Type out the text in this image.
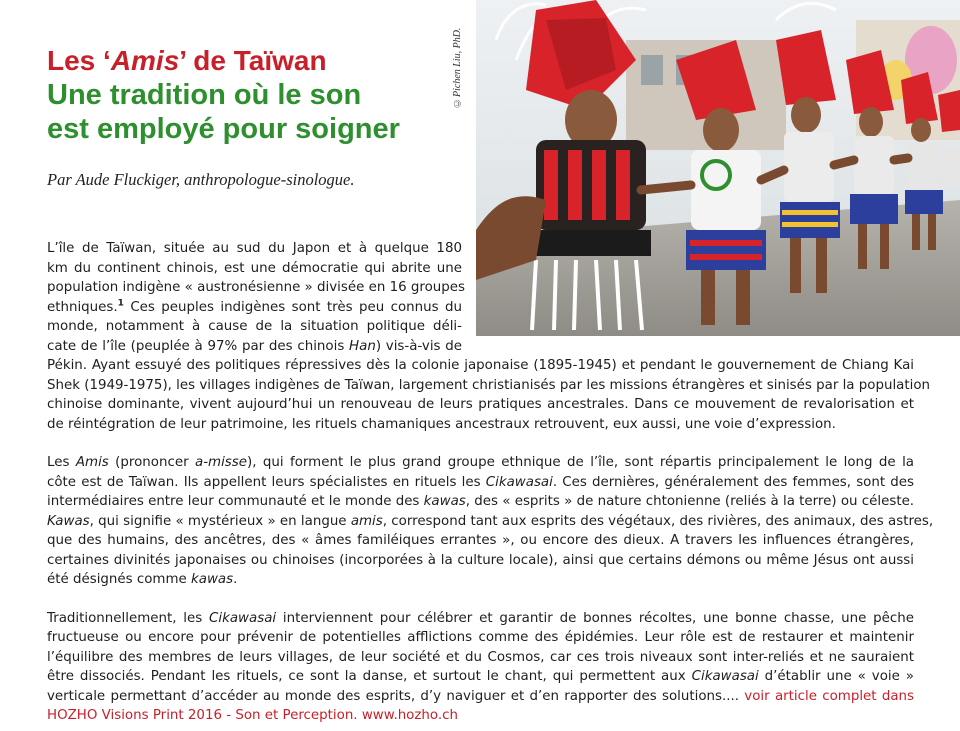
Les ‘Amis’ de Taïwan
Une tradition où le son
est employé pour soigner
Par Aude Fluckiger, anthropologue-sinologue.
©Pichen Liu, PhD.
L’île de Taïwan, située au sud du Japon et à quelque 180
km du continent chinois, est une démocratie qui abrite une
population indigène « austronésienne » divisée en 16 groupes
ethniques.$^1$ Ces peuples indigènes sont très peu connus du
monde, notamment à cause de la situation politique déli-
cate de l’île (peuplée à 97% par des chinois Han) vis-à-vis de
Pékin. Ayant essuyé des politiques répressives dès la colonie japonaise (1895-1945) et pendant le gouvernement de Chiang Kai
Shek (1949-1975), les villages indigènes de Taïwan, largement christianisés par les missions étrangères et sinisés par la population
chinoise dominante, vivent aujourd’hui un renouveau de leurs pratiques ancestrales. Dans ce mouvement de revalorisation et
de réintégration de leur patrimoine, les rituels chamaniques ancestraux retrouvent, eux aussi, une voie d’expression.
Les Amis (prononcer a-misse), qui forment le plus grand groupe ethnique de l’île, sont répartis principalement le long de la
côte est de Taïwan. Ils appellent leurs spécialistes en rituels les Cikawasai. Ces dernières, généralement des femmes, sont des
intermédiaires entre leur communauté et le monde des kawas, des « esprits » de nature chtonienne (reliés à la terre) ou céleste.
Kawas, qui signifie « mystérieux » en langue amis, correspond tant aux esprits des végétaux, des rivières, des animaux, des astres,
que des humains, des ancêtres, des « âmes familéiques errantes », ou encore des dieux. A travers les influences étrangères,
certaines divinités japonaises ou chinoises (incorporées à la culture locale), ainsi que certains démons ou même Jésus ont aussi
été désignés comme kawas.
Traditionnellement, les Cikawasai interviennent pour célébrer et garantir de bonnes récoltes, une bonne chasse, une pêche
fructueuse ou encore pour prévenir de potentielles afflictions comme des épidémies. Leur rôle est de restaurer et maintenir
l’équilibre des membres de leurs villages, de leur société et du Cosmos, car ces trois niveaux sont inter-reliés et ne sauraient
être dissociés. Pendant les rituels, ce sont la danse, et surtout le chant, qui permettent aux Cikawasai d’établir une « voie »
verticale permettant d’accéder au monde des esprits, d’y naviguer et d’en rapporter des solutions.... voir article complet dans
HOZHO Visions Print 2016 - Son et Perception. www.hozho.ch
